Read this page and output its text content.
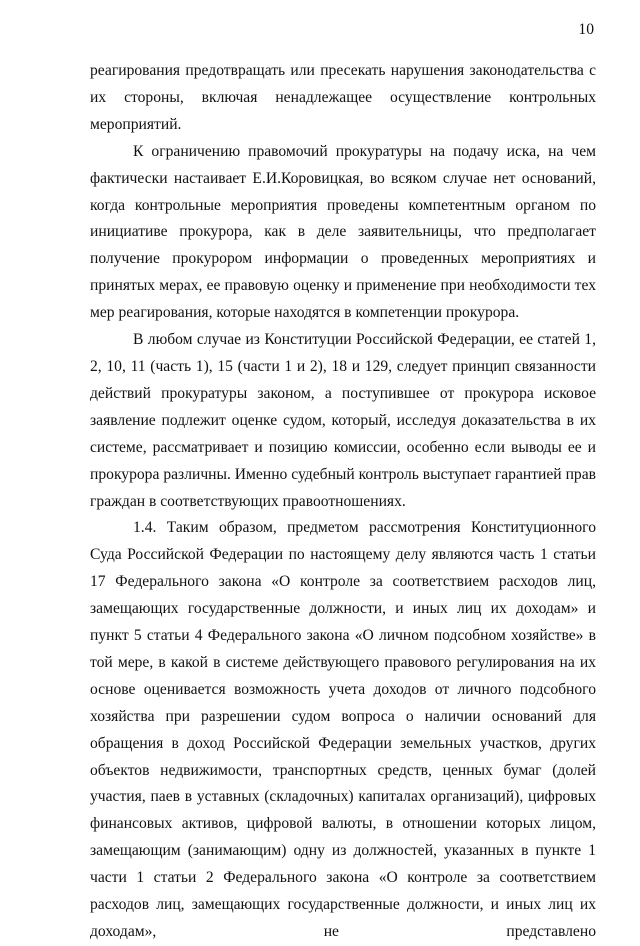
10

реагирования предотвращать или пресекать нарушения законодательства с их стороны, включая ненадлежащее осуществление контрольных мероприятий.

К ограничению правомочий прокуратуры на подачу иска, на чем фактически настаивает Е.И.Коровицкая, во всяком случае нет оснований, когда контрольные мероприятия проведены компетентным органом по инициативе прокурора, как в деле заявительницы, что предполагает получение прокурором информации о проведенных мероприятиях и принятых мерах, ее правовую оценку и применение при необходимости тех мер реагирования, которые находятся в компетенции прокурора.

В любом случае из Конституции Российской Федерации, ее статей 1, 2, 10, 11 (часть 1), 15 (части 1 и 2), 18 и 129, следует принцип связанности действий прокуратуры законом, а поступившее от прокурора исковое заявление подлежит оценке судом, который, исследуя доказательства в их системе, рассматривает и позицию комиссии, особенно если выводы ее и прокурора различны. Именно судебный контроль выступает гарантией прав граждан в соответствующих правоотношениях.

1.4. Таким образом, предметом рассмотрения Конституционного Суда Российской Федерации по настоящему делу являются часть 1 статьи 17 Федерального закона «О контроле за соответствием расходов лиц, замещающих государственные должности, и иных лиц их доходам» и пункт 5 статьи 4 Федерального закона «О личном подсобном хозяйстве» в той мере, в какой в системе действующего правового регулирования на их основе оценивается возможность учета доходов от личного подсобного хозяйства при разрешении судом вопроса о наличии оснований для обращения в доход Российской Федерации земельных участков, других объектов недвижимости, транспортных средств, ценных бумаг (долей участия, паев в уставных (складочных) капиталах организаций), цифровых финансовых активов, цифровой валюты, в отношении которых лицом, замещающим (занимающим) одну из должностей, указанных в пункте 1 части 1 статьи 2 Федерального закона «О контроле за соответствием расходов лиц, замещающих государственные должности, и иных лиц их доходам», не представлено
